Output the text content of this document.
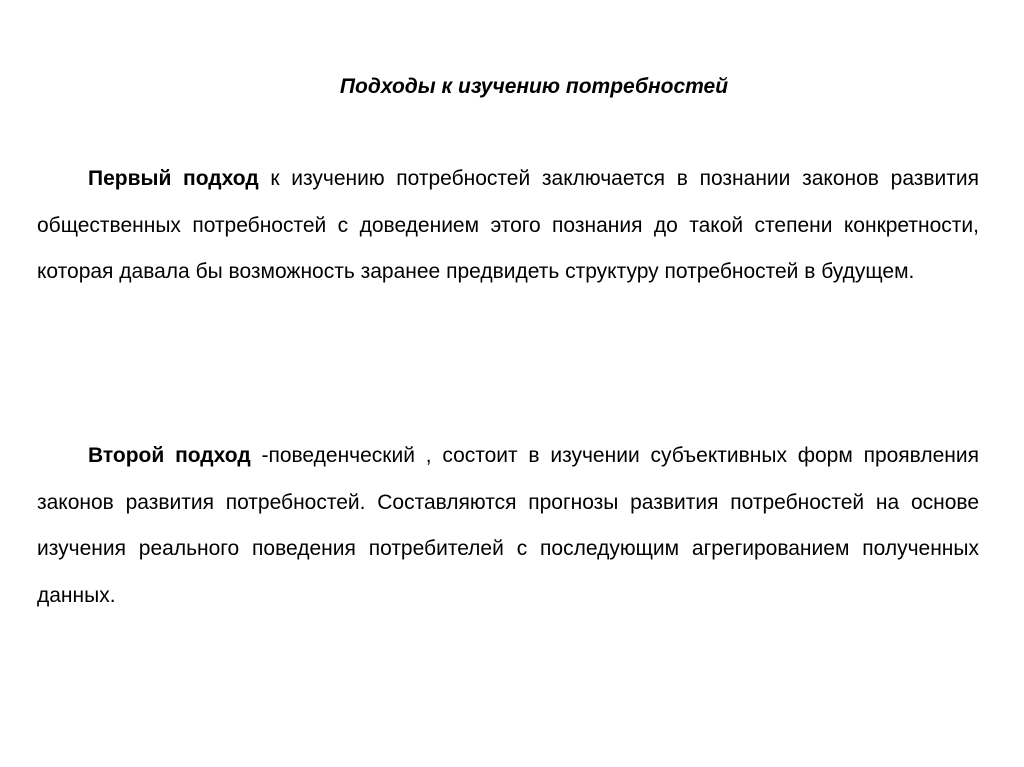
Подходы к изучению потребностей

Первый подход к изучению потребностей заключается в познании законов развития общественных потребностей с доведением этого познания до такой степени конкретности, которая давала бы возможность заранее предвидеть структуру потребностей в будущем.

Второй подход -поведенческий , состоит в изучении субъективных форм проявления законов развития потребностей. Составляются прогнозы развития потребностей на основе изучения реального поведения потребителей с последующим агрегированием полученных данных.
